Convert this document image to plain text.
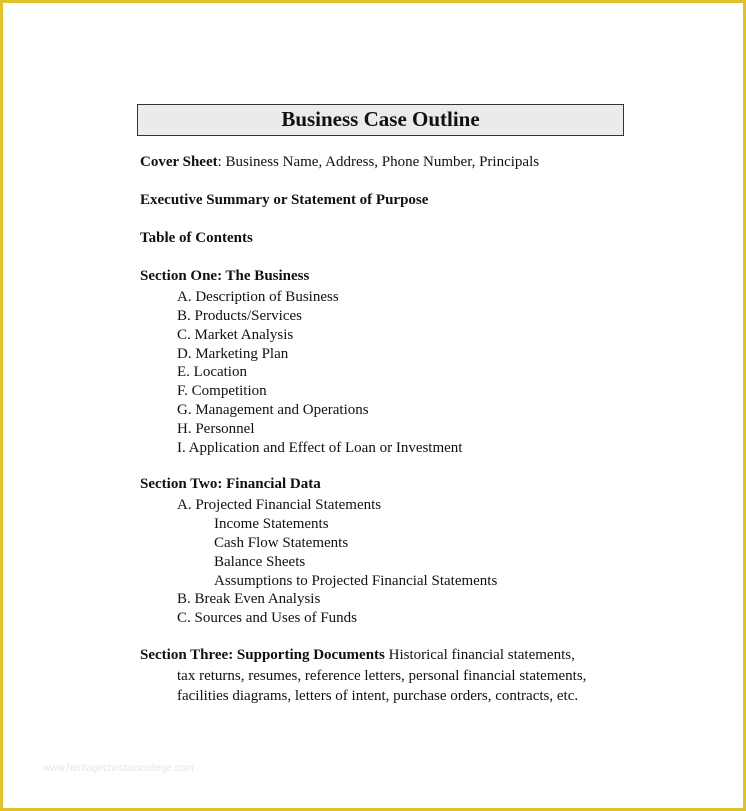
Business Case Outline
Cover Sheet: Business Name, Address, Phone Number, Principals
Executive Summary or Statement of Purpose
Table of Contents
Section One: The Business
A. Description of Business
B. Products/Services
C. Market Analysis
D. Marketing Plan
E. Location
F. Competition
G. Management and Operations
H. Personnel
I. Application and Effect of Loan or Investment
Section Two: Financial Data
A. Projected Financial Statements
Income Statements
Cash Flow Statements
Balance Sheets
Assumptions to Projected Financial Statements
B. Break Even Analysis
C. Sources and Uses of Funds
Section Three: Supporting Documents Historical financial statements,
tax returns, resumes, reference letters, personal financial statements,
facilities diagrams, letters of intent, purchase orders, contracts, etc.
www.heritagechristiancollege.com
